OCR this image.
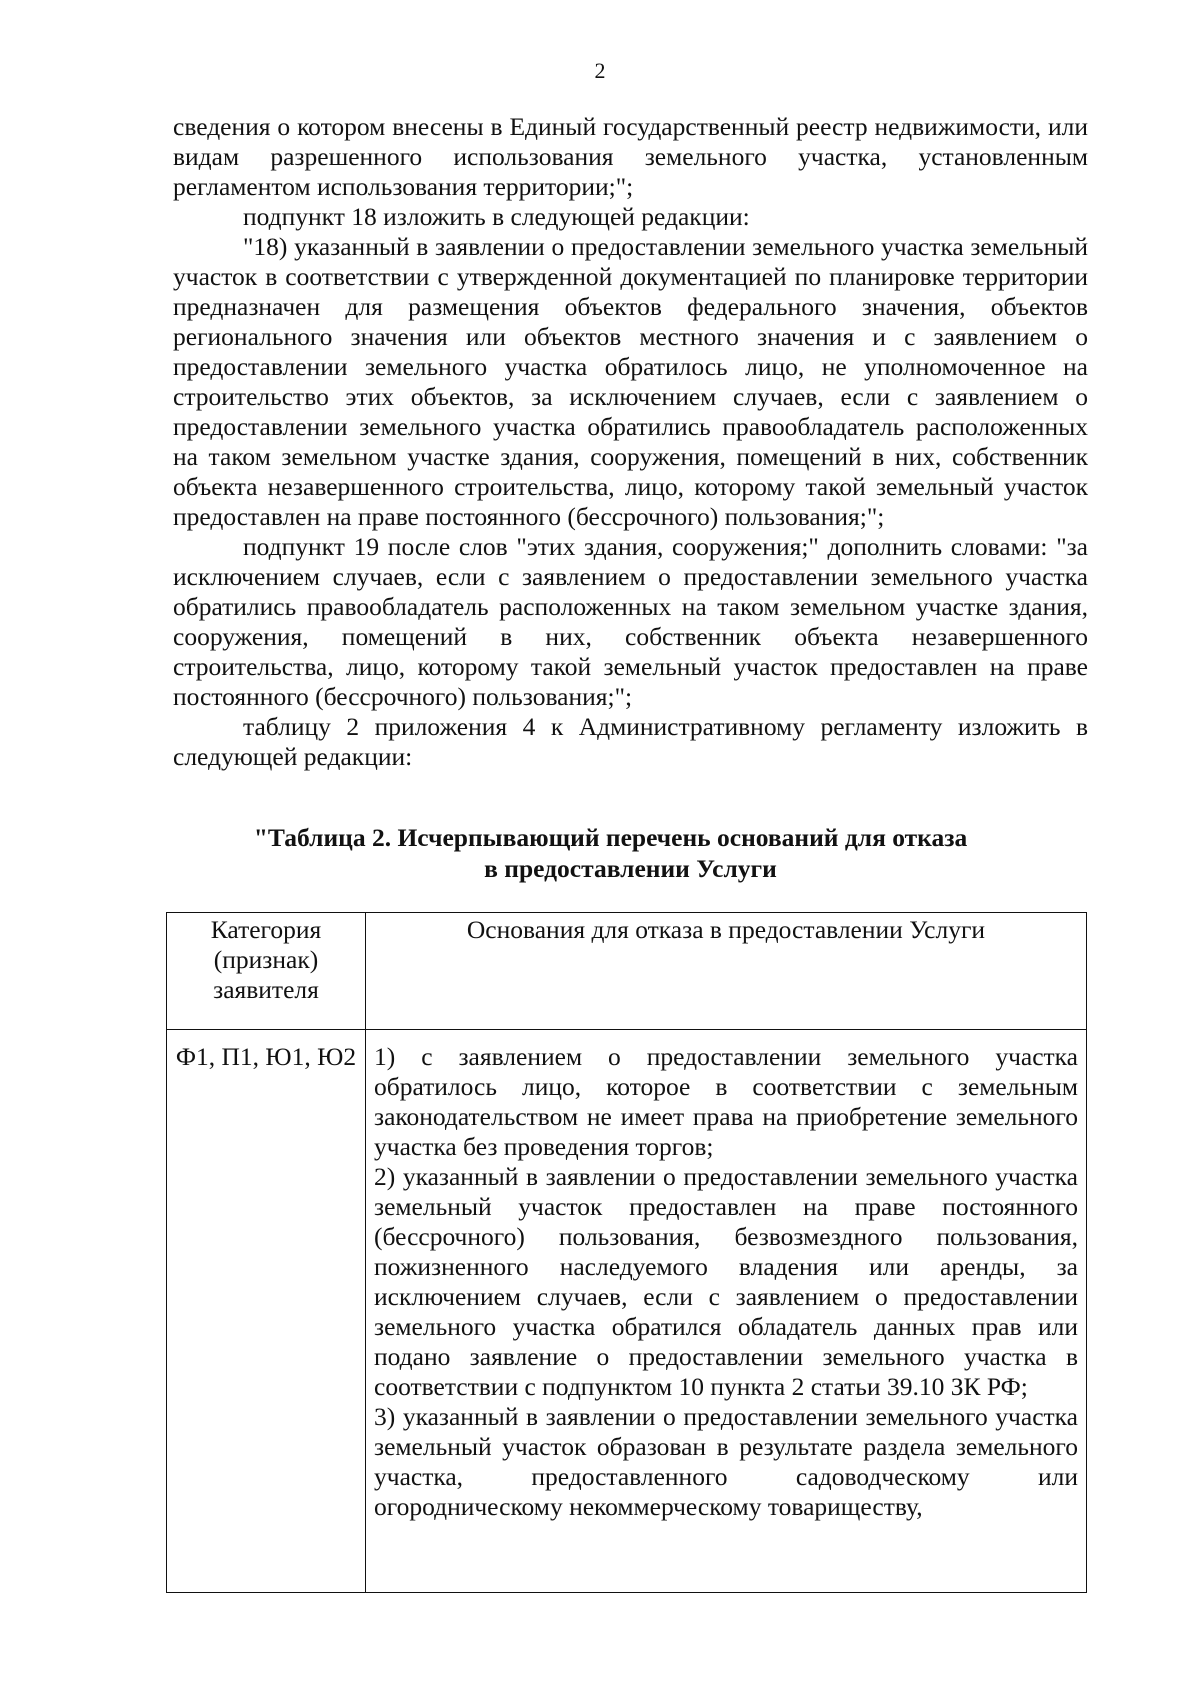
2

сведения о котором внесены в Единый государственный реестр недвижимости, или видам разрешенного использования земельного участка, установленным регламентом использования территории;";

подпункт 18 изложить в следующей редакции:

"18) указанный в заявлении о предоставлении земельного участка земельный участок в соответствии с утвержденной документацией по планировке территории предназначен для размещения объектов федерального значения, объектов регионального значения или объектов местного значения и с заявлением о предоставлении земельного участка обратилось лицо, не уполномоченное на строительство этих объектов, за исключением случаев, если с заявлением о предоставлении земельного участка обратились правообладатель расположенных на таком земельном участке здания, сооружения, помещений в них, собственник объекта незавершенного строительства, лицо, которому такой земельный участок предоставлен на праве постоянного (бессрочного) пользования;";

подпункт 19 после слов "этих здания, сооружения;" дополнить словами: "за исключением случаев, если с заявлением о предоставлении земельного участка обратились правообладатель расположенных на таком земельном участке здания, сооружения, помещений в них, собственник объекта незавершенного строительства, лицо, которому такой земельный участок предоставлен на праве постоянного (бессрочного) пользования;";

таблицу 2 приложения 4 к Административному регламенту изложить в следующей редакции:

"Таблица 2. Исчерпывающий перечень оснований для отказа
в предоставлении Услуги
Категория (признак) заявителя	Основания для отказа в предоставлении Услуги
Ф1, П1, Ю1, Ю2	1) с заявлением о предоставлении земельного участка обратилось лицо, которое в соответствии с земельным законодательством не имеет права на приобретение земельного участка без проведения торгов;

2) указанный в заявлении о предоставлении земельного участка земельный участок предоставлен на праве постоянного (бессрочного) пользования, безвозмездного пользования, пожизненного наследуемого владения или аренды, за исключением случаев, если с заявлением о предоставлении земельного участка обратился обладатель данных прав или подано заявление о предоставлении земельного участка в соответствии с подпунктом 10 пункта 2 статьи 39.10 ЗК РФ;

3) указанный в заявлении о предоставлении земельного участка земельный участок образован в результате раздела земельного участка, предоставленного садоводческому или огородническому некоммерческому товариществу,
